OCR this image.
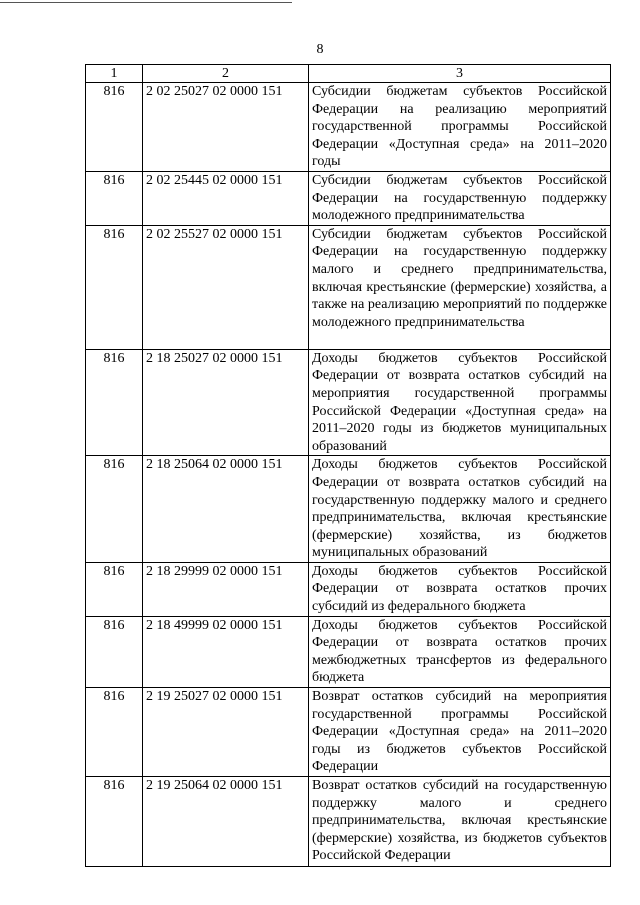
8
1	2	3
816	2 02 25027 02 0000 151	Субсидии бюджетам субъектов Российской Федерации на реализацию мероприятий государственной программы Российской Федерации «Доступная среда» на 2011–2020 годы
816	2 02 25445 02 0000 151	Субсидии бюджетам субъектов Российской Федерации на государственную поддержку молодежного предпринимательства
816	2 02 25527 02 0000 151	Субсидии бюджетам субъектов Российской Федерации на государственную поддержку малого и среднего предпринимательства, включая крестьянские (фермерские) хозяйства, а также на реализацию мероприятий по поддержке молодежного предпринимательства
816	2 18 25027 02 0000 151	Доходы бюджетов субъектов Российской Федерации от возврата остатков субсидий на мероприятия государственной программы Российской Федерации «Доступная среда» на 2011–2020 годы из бюджетов муниципальных образований
816	2 18 25064 02 0000 151	Доходы бюджетов субъектов Российской Федерации от возврата остатков субсидий на государственную поддержку малого и среднего предпринимательства, включая крестьянские (фермерские) хозяйства, из бюджетов муниципальных образований
816	2 18 29999 02 0000 151	Доходы бюджетов субъектов Российской Федерации от возврата остатков прочих субсидий из федерального бюджета
816	2 18 49999 02 0000 151	Доходы бюджетов субъектов Российской Федерации от возврата остатков прочих межбюджетных трансфертов из федерального бюджета
816	2 19 25027 02 0000 151	Возврат остатков субсидий на мероприятия государственной программы Российской Федерации «Доступная среда» на 2011–2020 годы из бюджетов субъектов Российской Федерации
816	2 19 25064 02 0000 151	Возврат остатков субсидий на государственную поддержку малого и среднего предпринимательства, включая крестьянские (фермерские) хозяйства, из бюджетов субъектов Российской Федерации
